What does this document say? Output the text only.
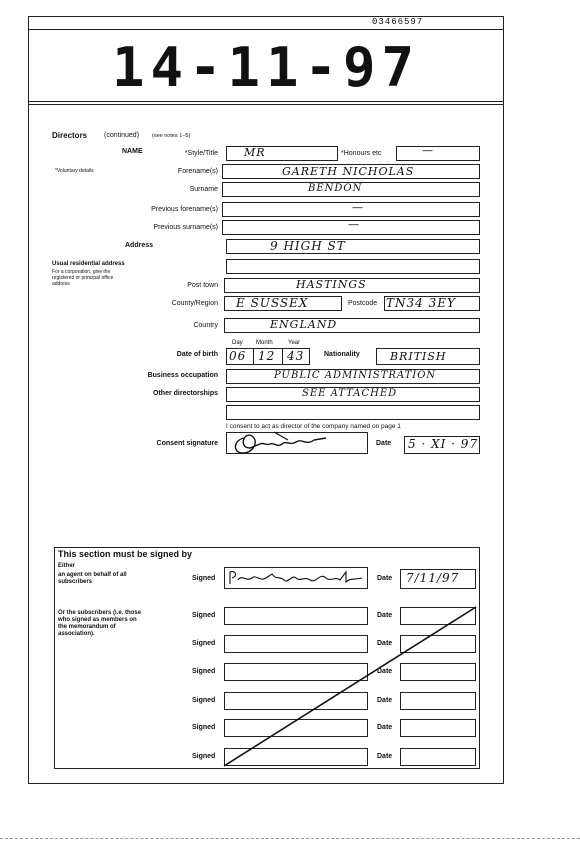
03466597
14-11-97
Directors (continued) (see notes 1–5)
NAME
*Voluntary details
*Style/Title MR	*Honours etc	—
Forename(s)	GARETH NICHOLAS
Surname	BENDON
Previous forename(s)	—
Previous surname(s)	—
Address	9 HIGH ST
Usual residential address
For a corporation, give the registered or principal office address	Post town	HASTINGS
County/Region E SUSSEX	Postcode TN34 3EY
Country	ENGLAND
Day Month	Year
Date of birth 06 12 43	Nationality	BRITISH
Business occupation	PUBLIC ADMINISTRATION
Other directorships	SEE ATTACHED
I consent to act as director of the company named on page 1
Consent signature	Date 5 · XI · 97
This section must be signed by
Either
an agent on behalf of all subscribers
Or the subscribers (i.e. those who signed as members on the memorandum of association).
Signed	Date 7/11/97
Signed	Date
Signed	Date
Signed	Date
Signed	Date
Signed	Date
Signed	Date
